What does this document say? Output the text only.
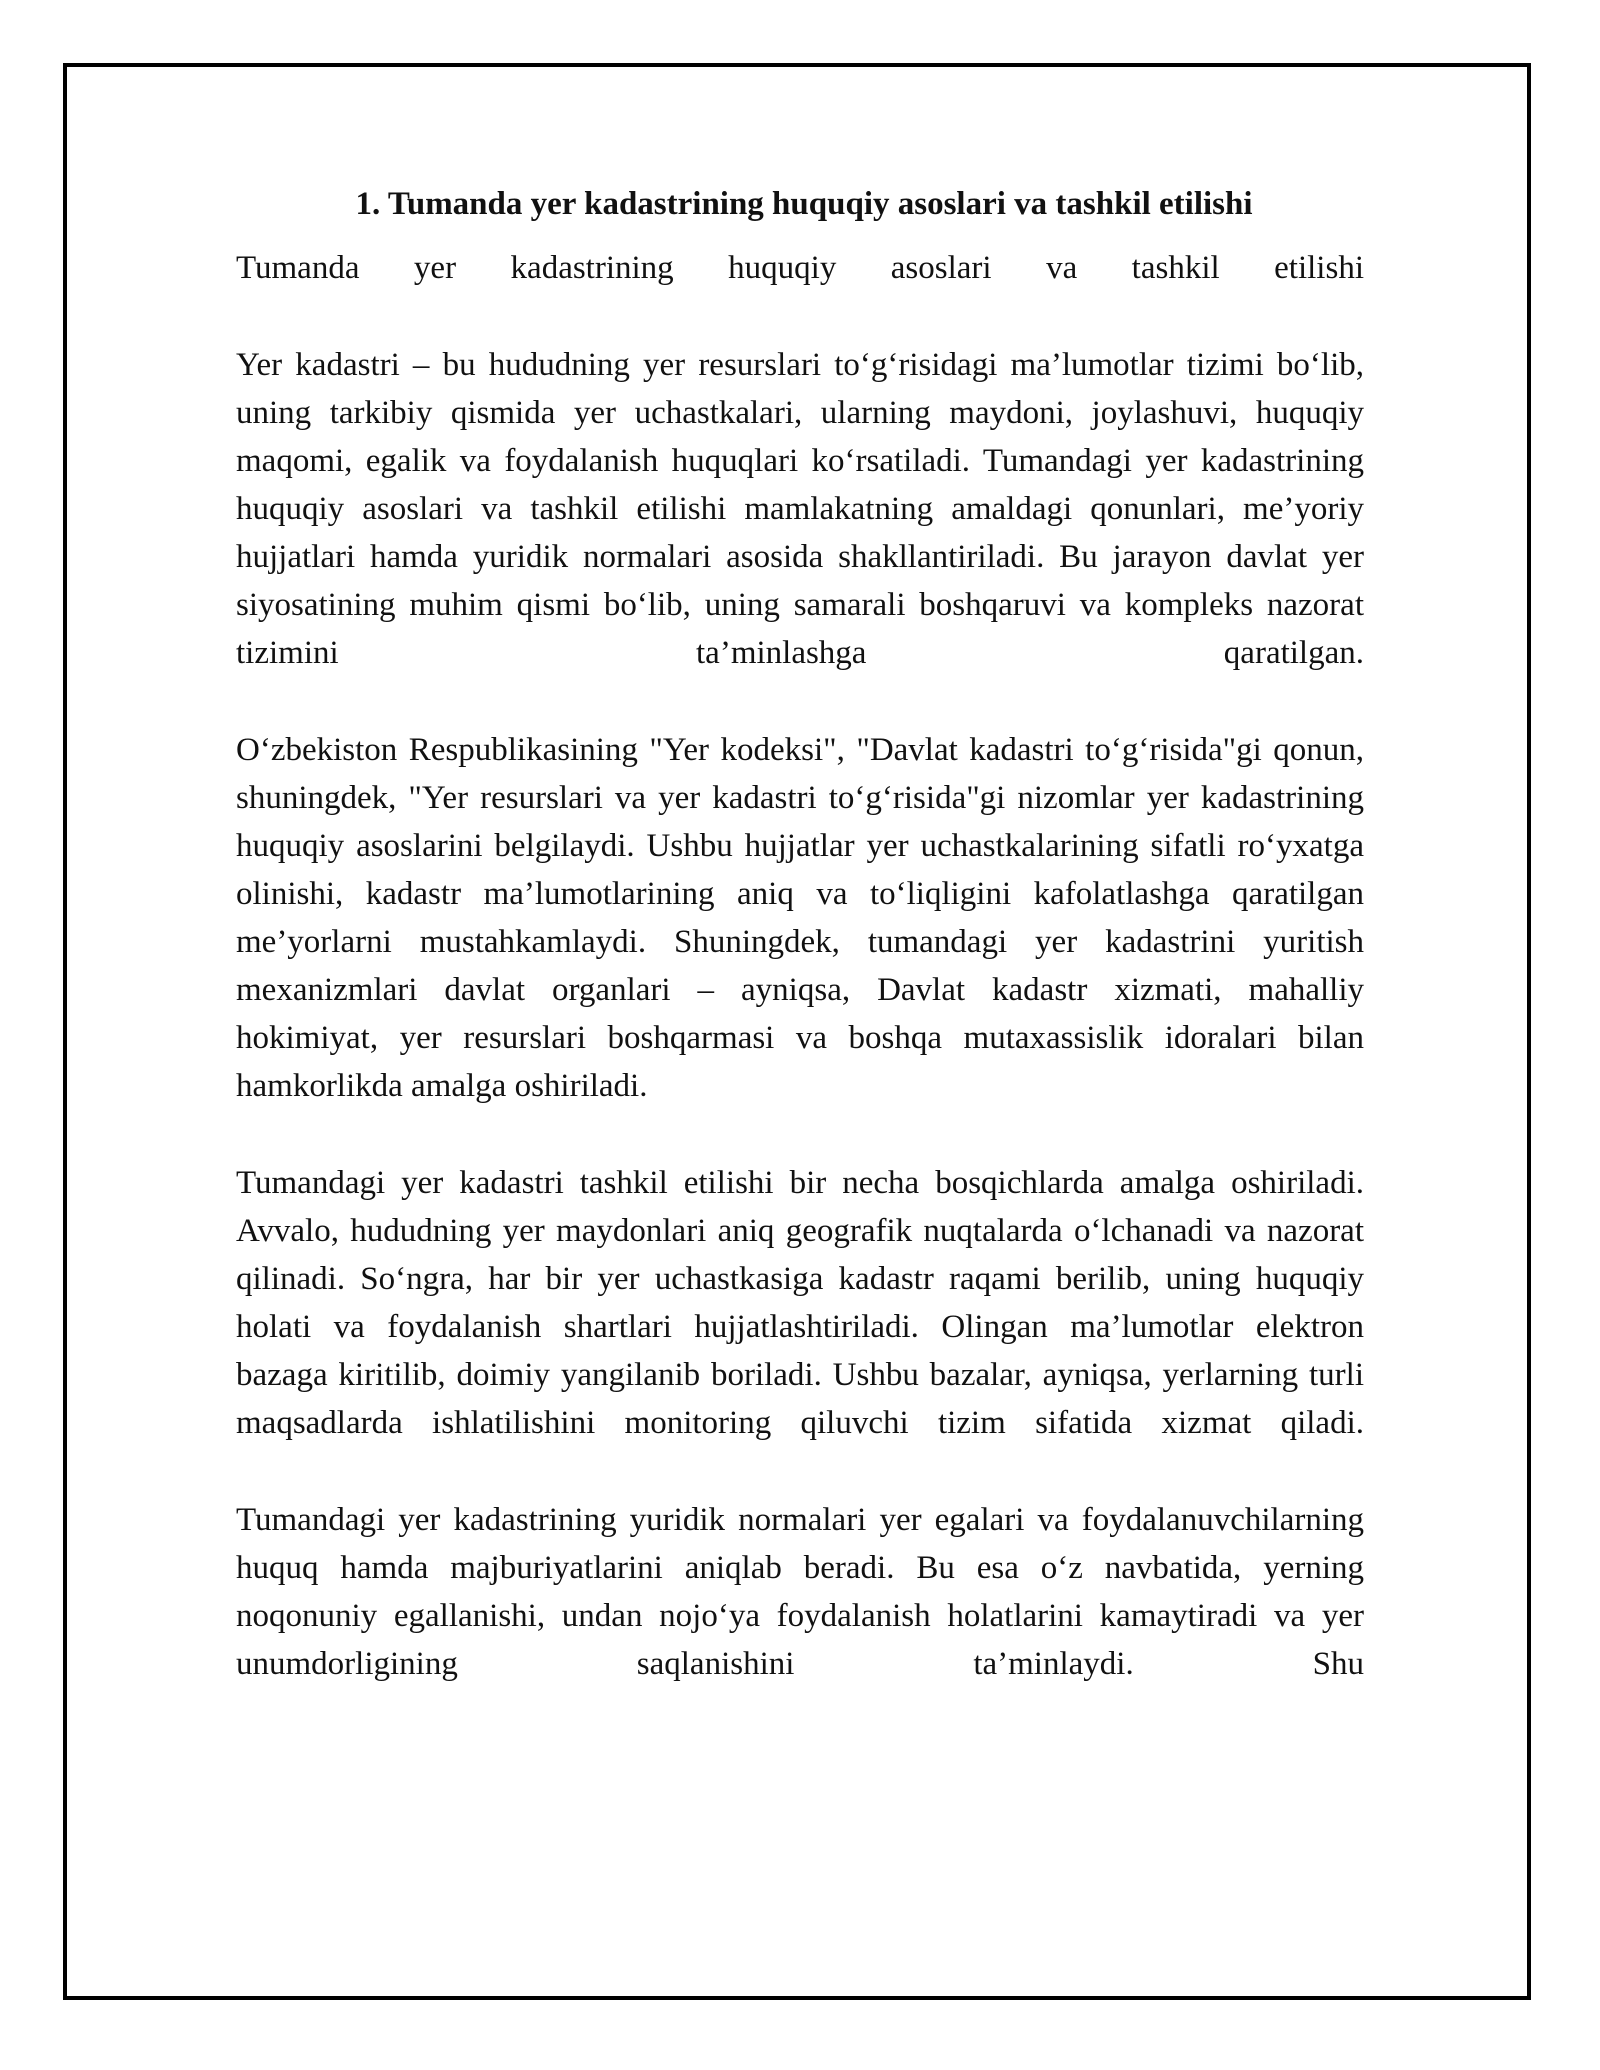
1. Tumanda yer kadastrining huquqiy asoslari va tashkil etilishi

Tumanda yer kadastrining huquqiy asoslari va tashkil etilishi

Yer kadastri – bu hududning yer resurslari to‘g‘risidagi ma’lumotlar tizimi bo‘lib, uning tarkibiy qismida yer uchastkalari, ularning maydoni, joylashuvi, huquqiy maqomi, egalik va foydalanish huquqlari ko‘rsatiladi. Tumandagi yer kadastrining huquqiy asoslari va tashkil etilishi mamlakatning amaldagi qonunlari, me’yoriy hujjatlari hamda yuridik normalari asosida shakllantiriladi. Bu jarayon davlat yer siyosatining muhim qismi bo‘lib, uning samarali boshqaruvi va kompleks nazorat tizimini ta’minlashga qaratilgan.

O‘zbekiston Respublikasining "Yer kodeksi", "Davlat kadastri to‘g‘risida"gi qonun, shuningdek, "Yer resurslari va yer kadastri to‘g‘risida"gi nizomlar yer kadastrining huquqiy asoslarini belgilaydi. Ushbu hujjatlar yer uchastkalarining sifatli ro‘yxatga olinishi, kadastr ma’lumotlarining aniq va to‘liqligini kafolatlashga qaratilgan me’yorlarni mustahkamlaydi. Shuningdek, tumandagi yer kadastrini yuritish mexanizmlari davlat organlari – ayniqsa, Davlat kadastr xizmati, mahalliy hokimiyat, yer resurslari boshqarmasi va boshqa mutaxassislik idoralari bilan hamkorlikda amalga oshiriladi.

Tumandagi yer kadastri tashkil etilishi bir necha bosqichlarda amalga oshiriladi. Avvalo, hududning yer maydonlari aniq geografik nuqtalarda o‘lchanadi va nazorat qilinadi. So‘ngra, har bir yer uchastkasiga kadastr raqami berilib, uning huquqiy holati va foydalanish shartlari hujjatlashtiriladi. Olingan ma’lumotlar elektron bazaga kiritilib, doimiy yangilanib boriladi. Ushbu bazalar, ayniqsa, yerlarning turli maqsadlarda ishlatilishini monitoring qiluvchi tizim sifatida xizmat qiladi.

Tumandagi yer kadastrining yuridik normalari yer egalari va foydalanuvchilarning huquq hamda majburiyatlarini aniqlab beradi. Bu esa o‘z navbatida, yerning noqonuniy egallanishi, undan nojo‘ya foydalanish holatlarini kamaytiradi va yer unumdorligining saqlanishini ta’minlaydi. Shu
